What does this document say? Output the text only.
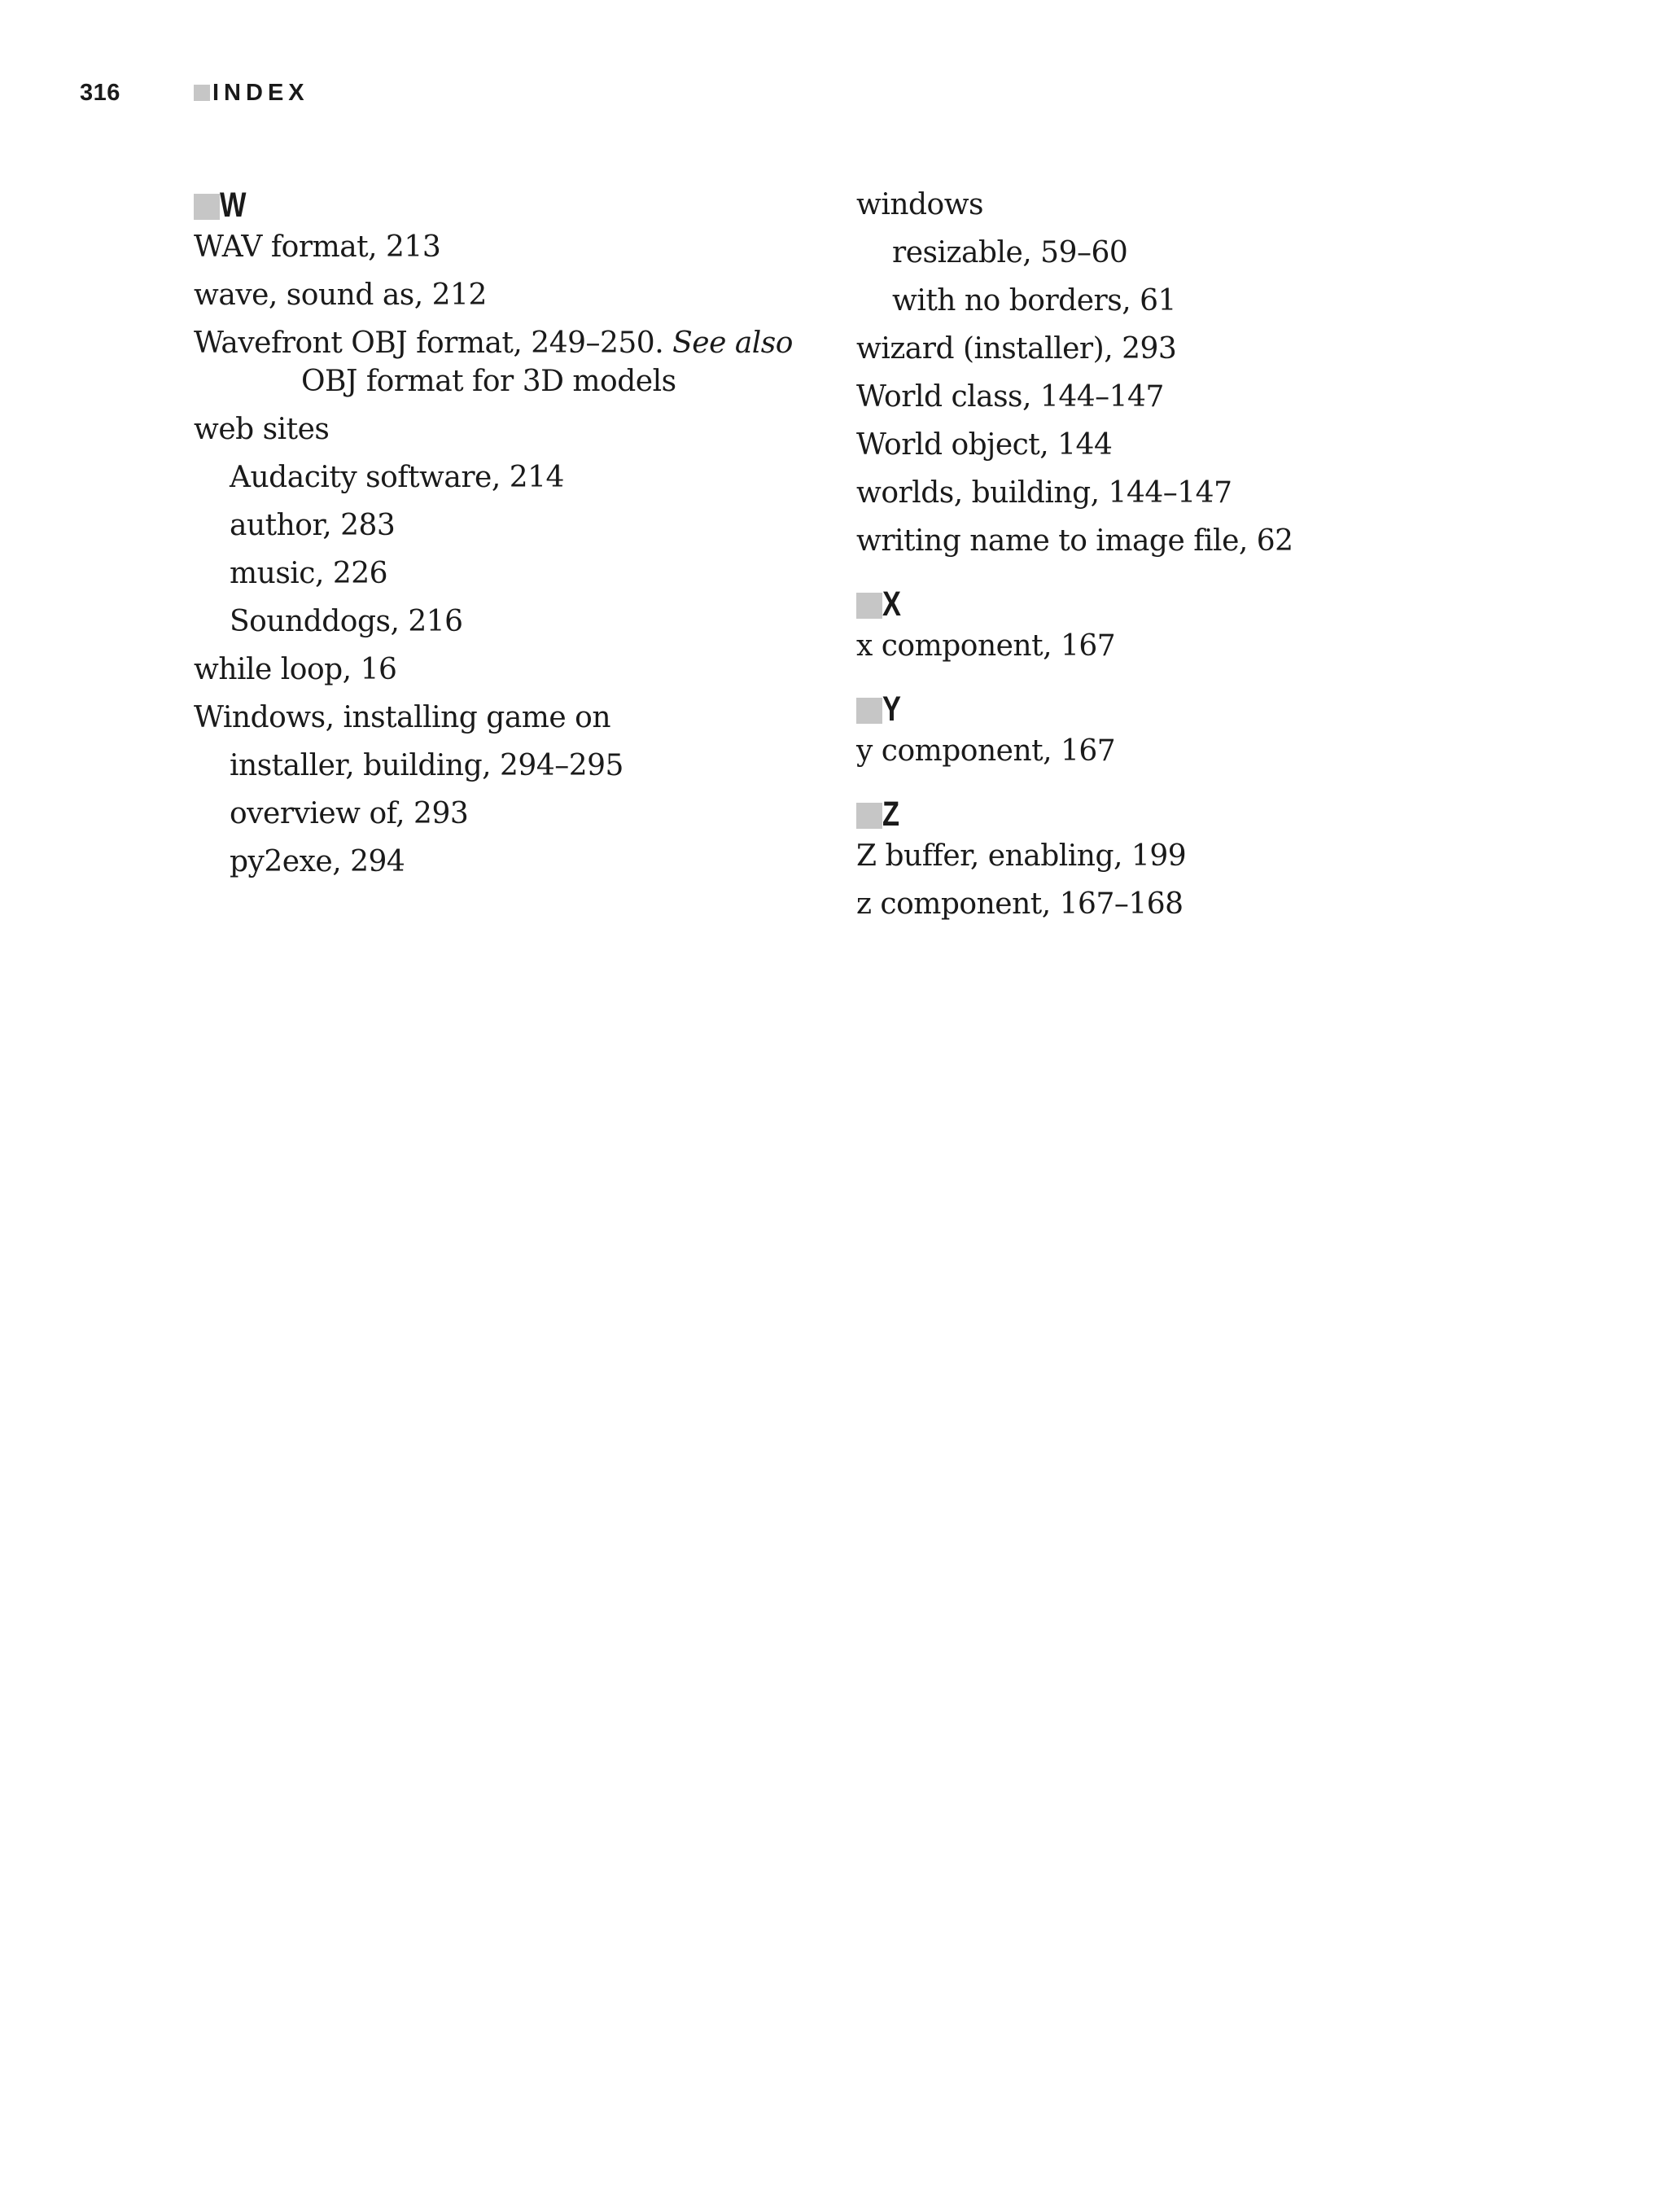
316	INDEX
W
WAV format, 213
wave, sound as, 212
Wavefront OBJ format, 249–250. See also OBJ format for 3D models
web sites
Audacity software, 214
author, 283
music, 226
Sounddogs, 216
while loop, 16
Windows, installing game on
installer, building, 294–295
overview of, 293
py2exe, 294
windows
resizable, 59–60
with no borders, 61
wizard (installer), 293
World class, 144–147
World object, 144
worlds, building, 144–147
writing name to image file, 62
X
x component, 167
Y
y component, 167
Z
Z buffer, enabling, 199
z component, 167–168
